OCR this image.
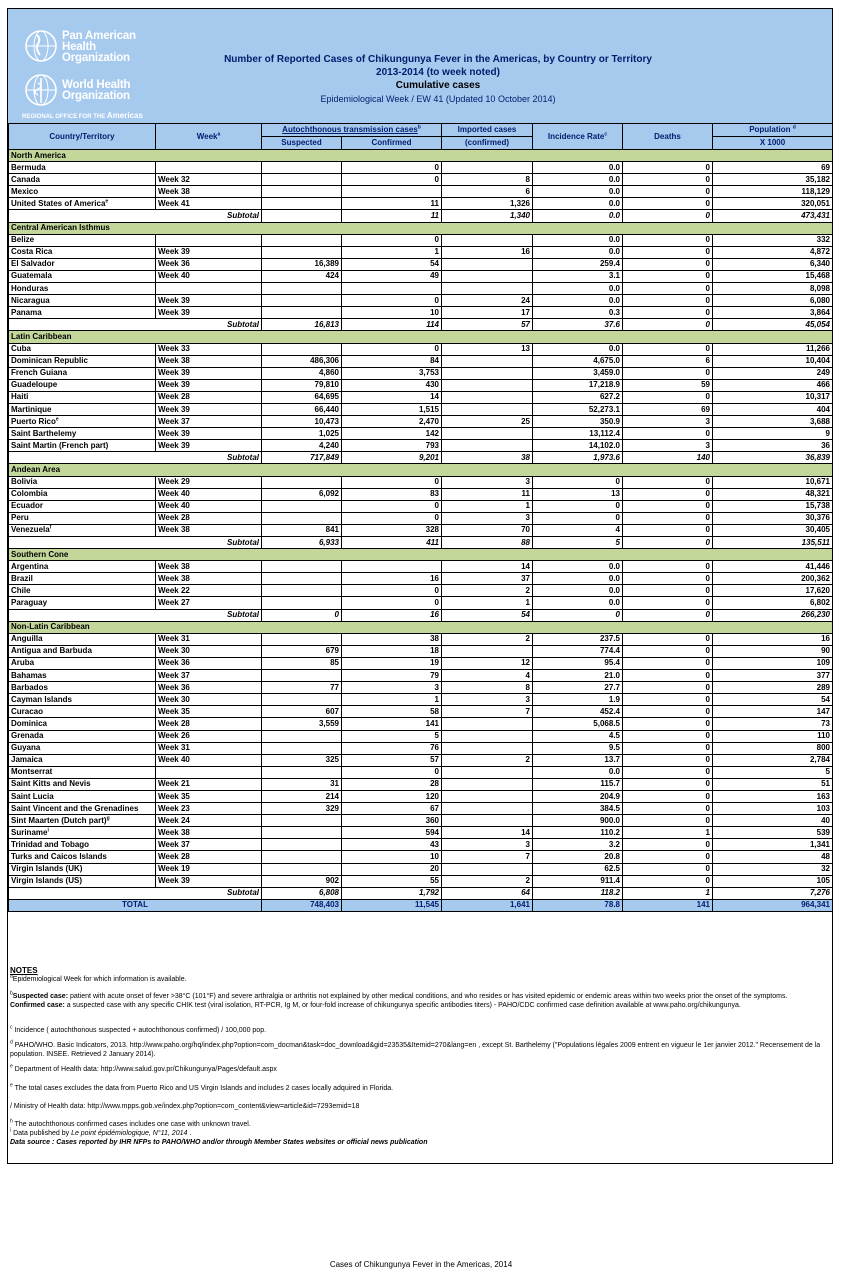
Pan American
Health
Organization
World Health
Organization
REGIONAL OFFICE FOR THE Americas
Number of Reported Cases of Chikungunya Fever in the Americas, by Country or Territory
2013-2014 (to week noted)
Cumulative cases
Epidemiological Week / EW 41 (Updated 10 October 2014)
Country/Territory	Week$^a$	Autochthonous transmission cases$^b$		Imported cases	Incidence Rate$^c$	Deaths	Population $^d$
		Suspected	Confirmed	(confirmed)			X 1000
North America							
Bermuda			0		0.0	0	69
Canada	Week 32		0	8	0.0	0	35,182
Mexico	Week 38			6	0.0	0	118,129
United States of America$^e$	Week 41		11	1,326	0.0	0	320,051
Subtotal			11	1,340	0.0	0	473,431
Central American Isthmus							
Belize			0		0.0	0	332
Costa Rica	Week 39		1	16	0.0	0	4,872
El Salvador	Week 36	16,389	54		259.4	0	6,340
Guatemala	Week 40	424	49		3.1	0	15,468
Honduras					0.0	0	8,098
Nicaragua	Week 39		0	24	0.0	0	6,080
Panama	Week 39		10	17	0.3	0	3,864
Subtotal		16,813	114	57	37.6	0	45,054
Latin Caribbean							
Cuba	Week 33		0	13	0.0	0	11,266
Dominican Republic	Week 38	486,306	84		4,675.0	6	10,404
French Guiana	Week 39	4,860	3,753		3,459.0	0	249
Guadeloupe	Week 39	79,810	430		17,218.9	59	466
Haiti	Week 28	64,695	14		627.2	0	10,317
Martinique	Week 39	66,440	1,515		52,273.1	69	404
Puerto Rico$^e$	Week 37	10,473	2,470	25	350.9	3	3,688
Saint Barthelemy	Week 39	1,025	142		13,112.4	0	9
Saint Martin (French part)	Week 39	4,240	793		14,102.0	3	36
Subtotal		717,849	9,201	38	1,973.6	140	36,839
Andean Area							
Bolivia	Week 29		0	3	0	0	10,671
Colombia	Week 40	6,092	83	11	13	0	48,321
Ecuador	Week 40		0	1	0	0	15,738
Peru	Week 28		0	3	0	0	30,376
Venezuela$^f$	Week 38	841	328	70	4	0	30,405
Subtotal		6,933	411	88	5	0	135,511
Southern Cone							
Argentina	Week 38			14	0.0	0	41,446
Brazil	Week 38		16	37	0.0	0	200,362
Chile	Week 22		0	2	0.0	0	17,620
Paraguay	Week 27		0	1	0.0	0	6,802
Subtotal		0	16	54	0	0	266,230
Non-Latin Caribbean							
Anguilla	Week 31		38	2	237.5	0	16
Antigua and Barbuda	Week 30	679	18		774.4	0	90
Aruba	Week 36	85	19	12	95.4	0	109
Bahamas	Week 37		79	4	21.0	0	377
Barbados	Week 36	77	3	8	27.7	0	289
Cayman Islands	Week 30		1	3	1.9	0	54
Curacao	Week 35	607	58	7	452.4	0	147
Dominica	Week 28	3,559	141		5,068.5	0	73
Grenada	Week 26		5		4.5	0	110
Guyana	Week 31		76		9.5	0	800
Jamaica	Week 40	325	57	2	13.7	0	2,784
Montserrat			0		0.0	0	5
Saint Kitts and Nevis	Week 21	31	28		115.7	0	51
Saint Lucia	Week 35	214	120		204.9	0	163
Saint Vincent and the Grenadines	Week 23	329	67		384.5	0	103
Sint Maarten (Dutch part)$^g$	Week 24		360		900.0	0	40
Suriname$^i$	Week 38		594	14	110.2	1	539
Trinidad and Tobago	Week 37		43	3	3.2	0	1,341
Turks and Caicos Islands	Week 28		10	7	20.8	0	48
Virgin Islands (UK)	Week 19		20		62.5	0	32
Virgin Islands (US)	Week 39	902	55	2	911.4	0	105
Subtotal		6,808	1,792	64	118.2	1	7,276
TOTAL		748,403	11,545	1,641	78.8	141	964,341

NOTES

$^a$Epidemiological Week for which information is available.

$^b$Suspected case: patient with acute onset of fever >38°C (101°F) and severe arthralgia or arthritis not explained by other medical conditions, and who resides or has visited epidemic or endemic areas within two weeks prior the onset of the symptoms.

Confirmed case: a suspected case with any specific CHIK test (viral isolation, RT-PCR, Ig M, or four-fold increase of chikungunya specific antibodies titers) - PAHO/CDC confirmed case definition available at www.paho.org/chikungunya.

$^c$ Incidence ( autochthonous suspected + autochthonous confirmed) / 100,000 pop.

$^d$ PAHO/WHO. Basic Indicators, 2013. http://www.paho.org/hq/index.php?option=com_docman&task=doc_download&gid=23535&Itemid=270&lang=en , except St. Barthelemy ("Populations légales 2009 entrent en vigueur le 1er janvier 2012." Recensement de la population. INSEE. Retrieved 2 January 2014).

$^e$ Department of Health data: http://www.salud.gov.pr/Chikungunya/Pages/default.aspx

$^e$ The total cases excludes the data from Puerto Rico and US Virgin Islands and includes 2 cases locally adquired in Florida.

/ Ministry of Health data: http://www.mpps.gob.ve/index.php?option=com_content&view=article&id=7293emid=18

$^h$ The autochthonous confirmed cases includes one case with unknown travel.

$^i$ Data published by Le point épidémiologique, N°11, 2014 .

Data source : Cases reported by IHR NFPs to PAHO/WHO and/or through Member States websites or official news publication

Cases of Chikungunya Fever in the Americas, 2014
